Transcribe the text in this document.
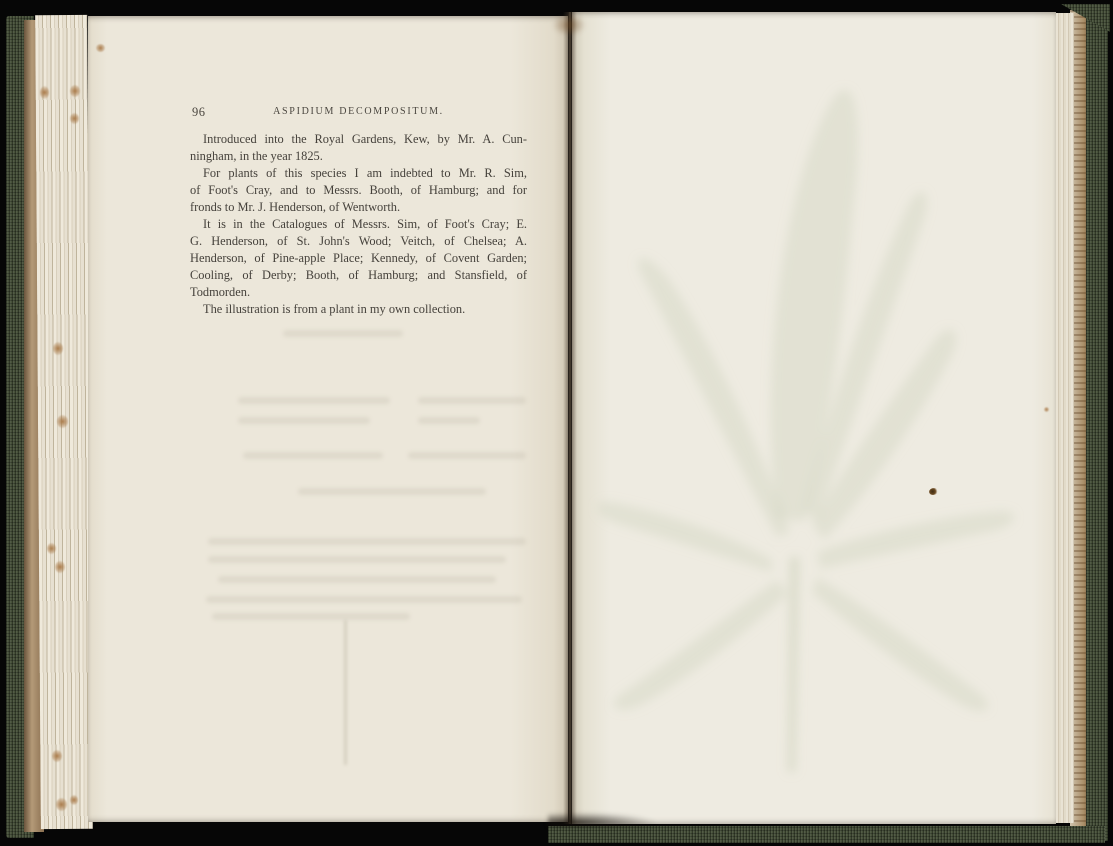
96	ASPIDIUM DECOMPOSITUM.
Introduced into the Royal Gardens, Kew, by Mr. A. Cun-
ningham, in the year 1825.
For plants of this species I am indebted to Mr. R. Sim,
of Foot's Cray, and to Messrs. Booth, of Hamburg; and for
fronds to Mr. J. Henderson, of Wentworth.
It is in the Catalogues of Messrs. Sim, of Foot's Cray; E.
G. Henderson, of St. John's Wood; Veitch, of Chelsea; A.
Henderson, of Pine-apple Place; Kennedy, of Covent Garden;
Cooling, of Derby; Booth, of Hamburg; and Stansfield, of
Todmorden.
The illustration is from a plant in my own collection.
